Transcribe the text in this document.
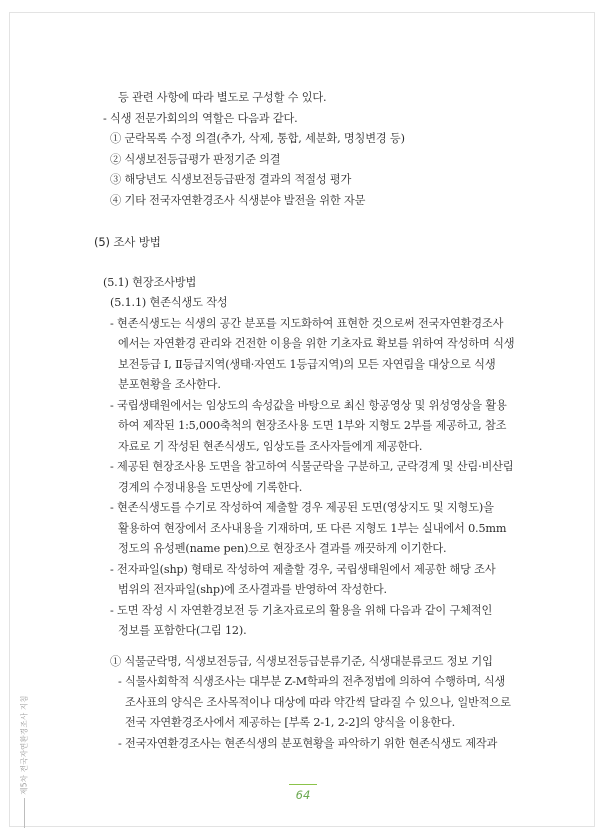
등 관련 사항에 따라 별도로 구성할 수 있다.
- 식생 전문가회의의 역할은 다음과 같다.
① 군락목록 수정 의결(추가, 삭제, 통합, 세분화, 명칭변경 등)
② 식생보전등급평가 판정기준 의결
③ 해당년도 식생보전등급판정 결과의 적절성 평가
④ 기타 전국자연환경조사 식생분야 발전을 위한 자문
(5) 조사 방법
(5.1) 현장조사방법
(5.1.1) 현존식생도 작성
- 현존식생도는 식생의 공간 분포를 지도화하여 표현한 것으로써 전국자연환경조사
에서는 자연환경 관리와 건전한 이용을 위한 기초자료 확보를 위하여 작성하며 식생
보전등급 Ⅰ, Ⅱ등급지역(생태·자연도 1등급지역)의 모든 자연림을 대상으로 식생
분포현황을 조사한다.
- 국립생태원에서는 임상도의 속성값을 바탕으로 최신 항공영상 및 위성영상을 활용
하여 제작된 1:5,000축척의 현장조사용 도면 1부와 지형도 2부를 제공하고, 참조
자료로 기 작성된 현존식생도, 임상도를 조사자들에게 제공한다.
- 제공된 현장조사용 도면을 참고하여 식물군락을 구분하고, 군락경계 및 산림·비산림
경계의 수정내용을 도면상에 기록한다.
- 현존식생도를 수기로 작성하여 제출할 경우 제공된 도면(영상지도 및 지형도)을
활용하여 현장에서 조사내용을 기재하며, 또 다른 지형도 1부는 실내에서 0.5mm
정도의 유성펜(name pen)으로 현장조사 결과를 깨끗하게 이기한다.
- 전자파일(shp) 형태로 작성하여 제출할 경우, 국립생태원에서 제공한 해당 조사
범위의 전자파일(shp)에 조사결과를 반영하여 작성한다.
- 도면 작성 시 자연환경보전 등 기초자료로의 활용을 위해 다음과 같이 구체적인
정보를 포함한다(그림 12).
① 식물군락명, 식생보전등급, 식생보전등급분류기준, 식생대분류코드 정보 기입
- 식물사회학적 식생조사는 대부분 Z-M학파의 전추정법에 의하여 수행하며, 식생
조사표의 양식은 조사목적이나 대상에 따라 약간씩 달라질 수 있으나, 일반적으로
전국 자연환경조사에서 제공하는 [부록 2-1, 2-2]의 양식을 이용한다.
- 전국자연환경조사는 현존식생의 분포현황을 파악하기 위한 현존식생도 제작과
제5차 전국자연환경조사 지침
64
